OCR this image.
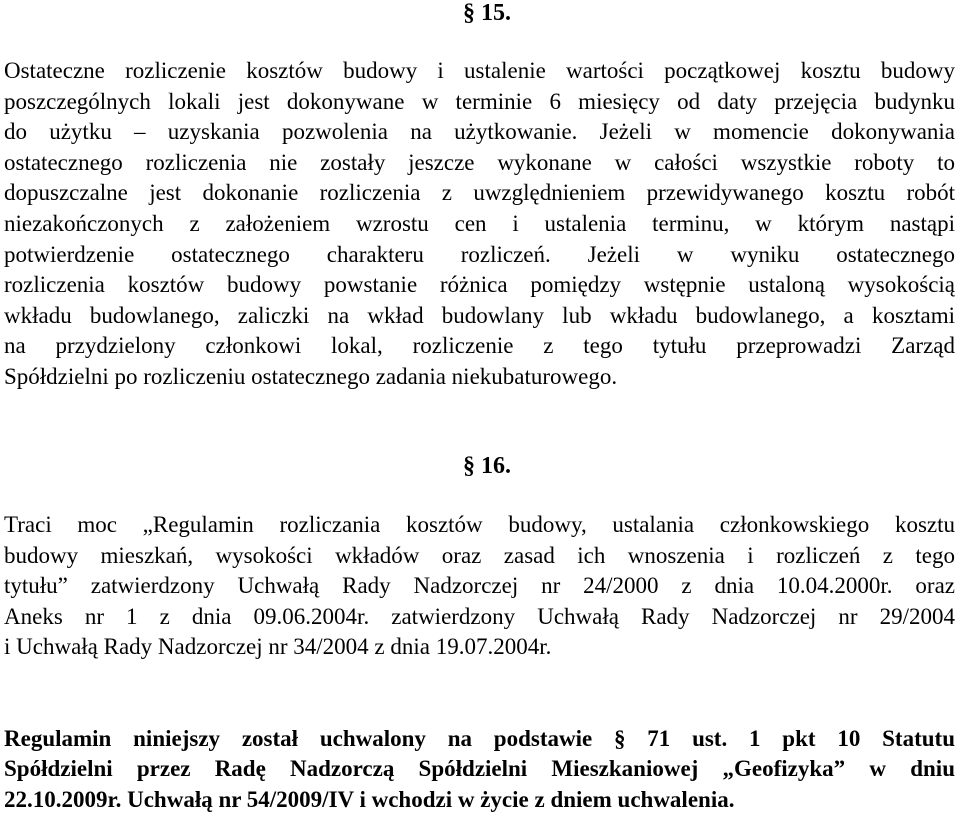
§ 15.

Ostateczne rozliczenie kosztów budowy i ustalenie wartości początkowej kosztu budowy
poszczególnych lokali jest dokonywane w terminie 6 miesięcy od daty przejęcia budynku
do użytku – uzyskania pozwolenia na użytkowanie. Jeżeli w momencie dokonywania
ostatecznego rozliczenia nie zostały jeszcze wykonane w całości wszystkie roboty to
dopuszczalne jest dokonanie rozliczenia z uwzględnieniem przewidywanego kosztu robót
niezakończonych z założeniem wzrostu cen i ustalenia terminu, w którym nastąpi
potwierdzenie ostatecznego charakteru rozliczeń. Jeżeli w wyniku ostatecznego
rozliczenia kosztów budowy powstanie różnica pomiędzy wstępnie ustaloną wysokością
wkładu budowlanego, zaliczki na wkład budowlany lub wkładu budowlanego, a kosztami
na przydzielony członkowi lokal, rozliczenie z tego tytułu przeprowadzi Zarząd
Spółdzielni po rozliczeniu ostatecznego zadania niekubaturowego.

§ 16.

Traci moc „Regulamin rozliczania kosztów budowy, ustalania członkowskiego kosztu
budowy mieszkań, wysokości wkładów oraz zasad ich wnoszenia i rozliczeń z tego
tytułu” zatwierdzony Uchwałą Rady Nadzorczej nr 24/2000 z dnia 10.04.2000r. oraz
Aneks nr 1 z dnia 09.06.2004r. zatwierdzony Uchwałą Rady Nadzorczej nr 29/2004
i Uchwałą Rady Nadzorczej nr 34/2004 z dnia 19.07.2004r.

Regulamin niniejszy został uchwalony na podstawie § 71 ust. 1 pkt 10 Statutu
Spółdzielni przez Radę Nadzorczą Spółdzielni Mieszkaniowej „Geofizyka” w dniu
22.10.2009r. Uchwałą nr 54/2009/IV i wchodzi w życie z dniem uchwalenia.
